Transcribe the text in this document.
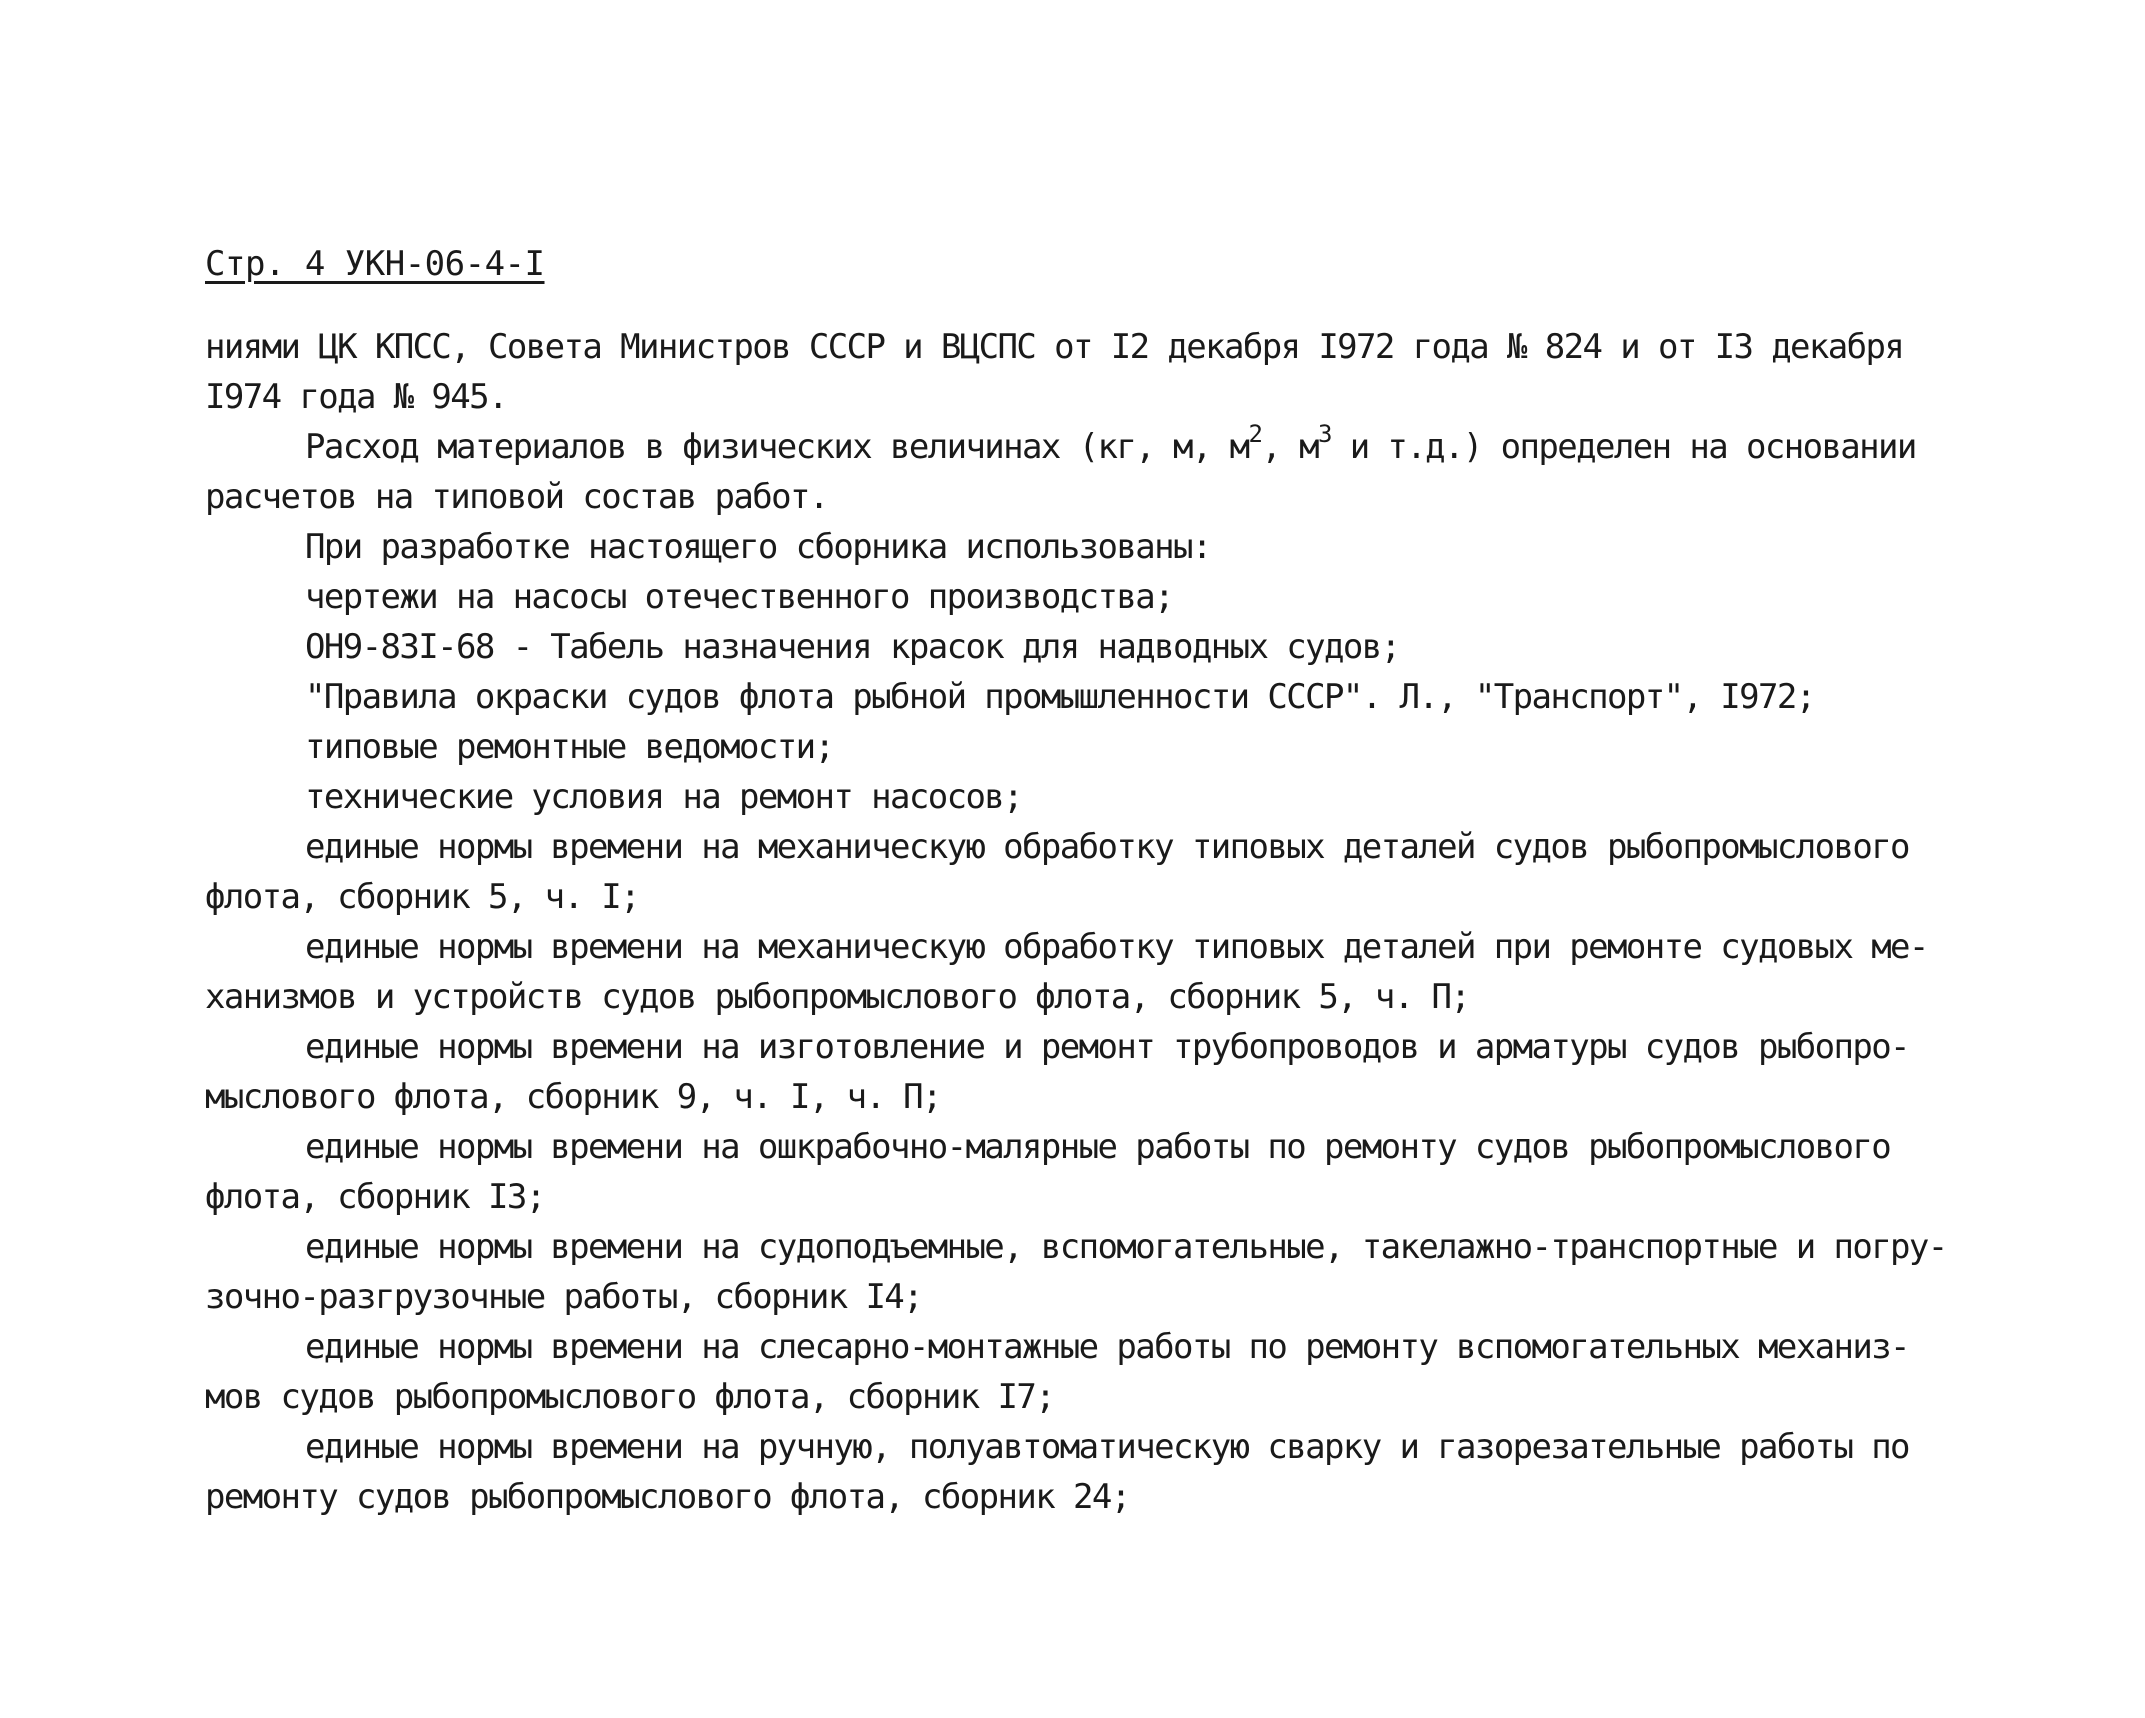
Стр. 4 УКН-06-4-I
ниями ЦК КПСС, Совета Министров СССР и ВЦСПС от I2 декабря I972 года № 824 и от I3 декабря
I974 года № 945.
Расход материалов в физических величинах (кг, м, $м^2$, $м^3$ и т.д.) определен на основании
расчетов на типовой состав работ.
При разработке настоящего сборника использованы:
чертежи на насосы отечественного производства;
ОН9-83I-68 - Табель назначения красок для надводных судов;
"Правила окраски судов флота рыбной промышленности СССР". Л., "Транспорт", I972;
типовые ремонтные ведомости;
технические условия на ремонт насосов;
единые нормы времени на механическую обработку типовых деталей судов рыбопромыслового
флота, сборник 5, ч. I;
единые нормы времени на механическую обработку типовых деталей при ремонте судовых ме-
ханизмов и устройств судов рыбопромыслового флота, сборник 5, ч. П;
единые нормы времени на изготовление и ремонт трубопроводов и арматуры судов рыбопро-
мыслового флота, сборник 9, ч. I, ч. П;
единые нормы времени на ошкрабочно-малярные работы по ремонту судов рыбопромыслового
флота, сборник I3;
единые нормы времени на судоподъемные, вспомогательные, такелажно-транспортные и погру-
зочно-разгрузочные работы, сборник I4;
единые нормы времени на слесарно-монтажные работы по ремонту вспомогательных механиз-
мов судов рыбопромыслового флота, сборник I7;
единые нормы времени на ручную, полуавтоматическую сварку и газорезательные работы по
ремонту судов рыбопромыслового флота, сборник 24;
